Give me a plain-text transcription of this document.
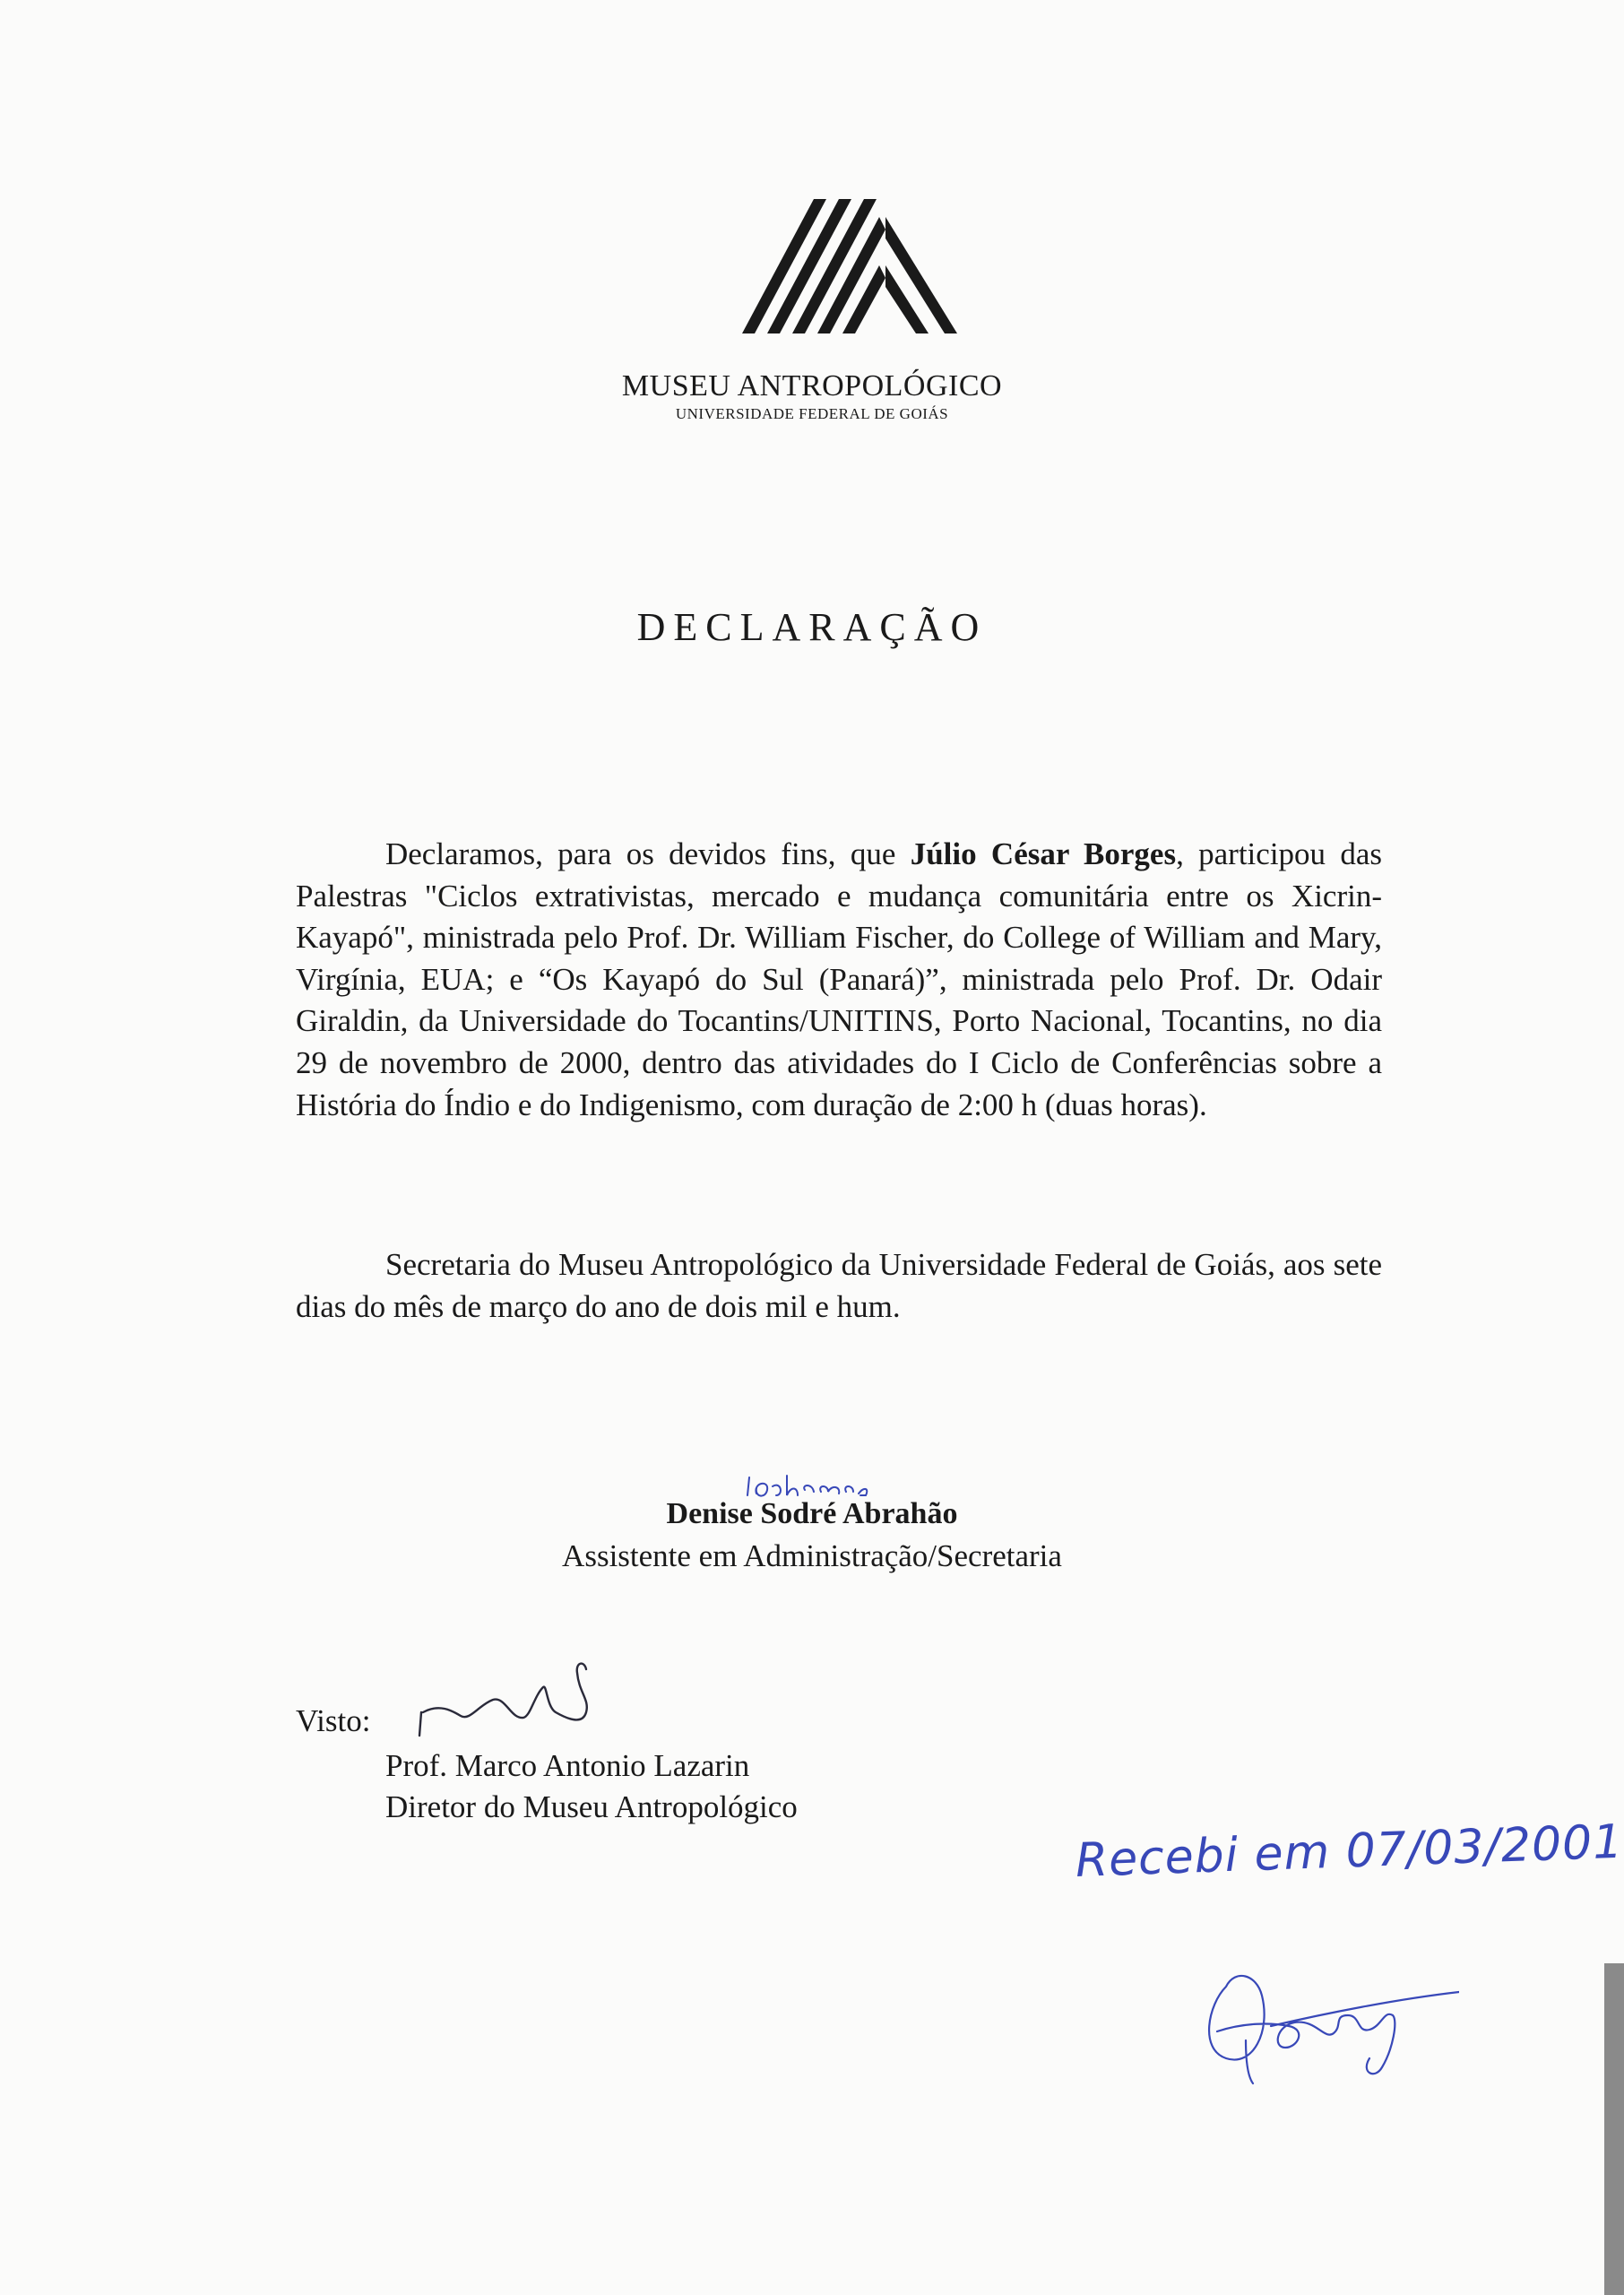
MUSEU ANTROPOLÓGICO
UNIVERSIDADE FEDERAL DE GOIÁS
DECLARAÇÃO

Declaramos, para os devidos fins, que Júlio César Borges, participou das Palestras "Ciclos extrativistas, mercado e mudança comunitária entre os Xicrin-Kayapó", ministrada pelo Prof. Dr. William Fischer, do College of William and Mary, Virgínia, EUA; e “Os Kayapó do Sul (Panará)”, ministrada pelo Prof. Dr. Odair Giraldin, da Universidade do Tocantins/UNITINS, Porto Nacional, Tocantins, no dia 29 de novembro de 2000, dentro das atividades do I Ciclo de Conferências sobre a História do Índio e do Indigenismo, com duração de 2:00 h (duas horas).

Secretaria do Museu Antropológico da Universidade Federal de Goiás, aos sete dias do mês de março do ano de dois mil e hum.

Denise Sodré Abrahão
Assistente em Administração/Secretaria
Visto:
Prof. Marco Antonio Lazarin
Diretor do Museu Antropológico
Recebi em 07/03/2001
